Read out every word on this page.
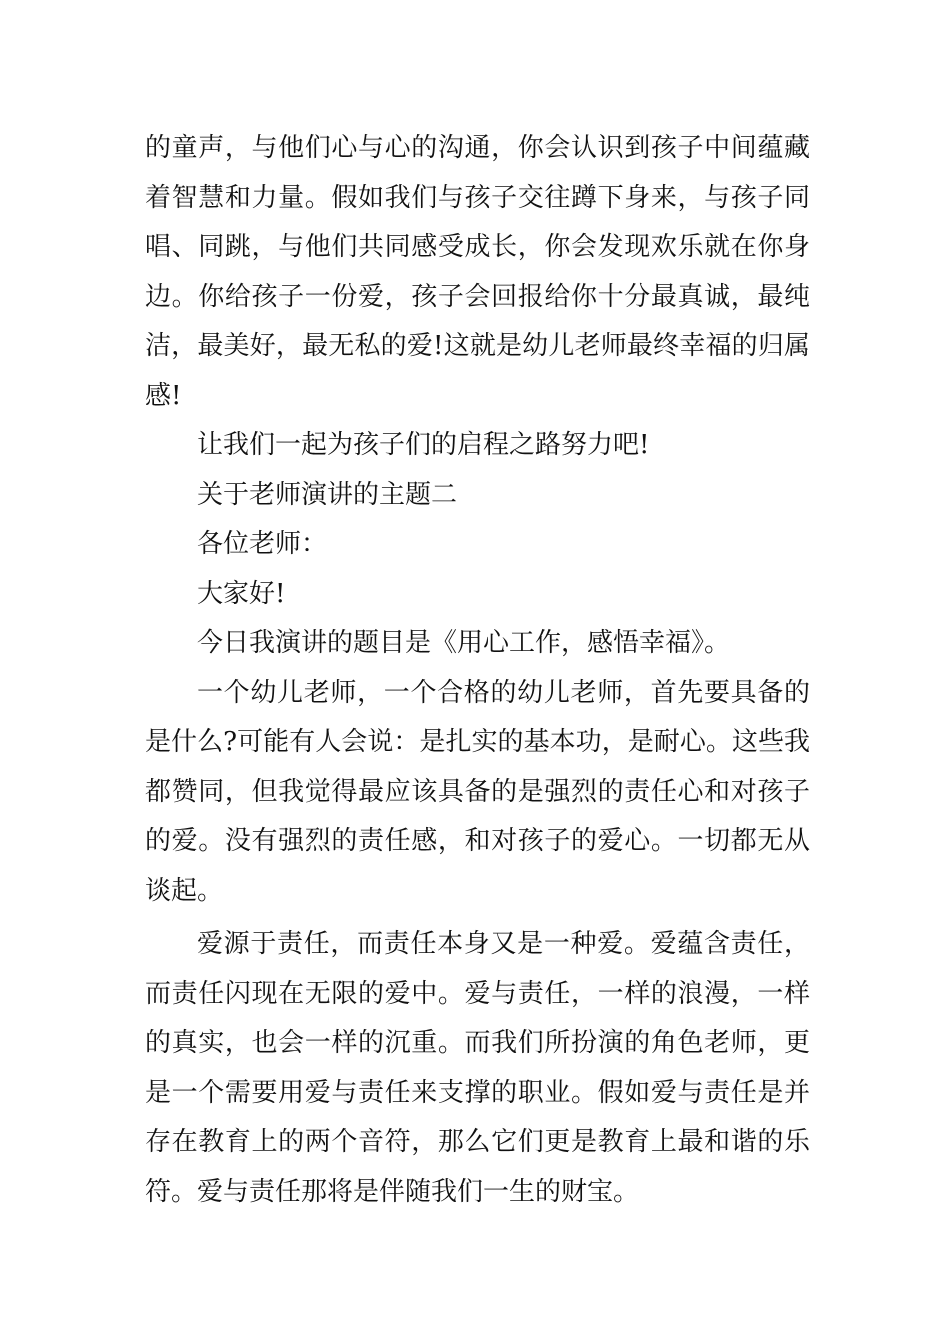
的童声，与他们心与心的沟通，你会认识到孩子中间蕴藏着智慧和力量。假如我们与孩子交往蹲下身来，与孩子同唱、同跳，与他们共同感受成长，你会发现欢乐就在你身边。你给孩子一份爱，孩子会回报给你十分最真诚，最纯洁，最美好，最无私的爱!这就是幼儿老师最终幸福的归属感!

让我们一起为孩子们的启程之路努力吧!

关于老师演讲的主题二

各位老师：

大家好!

今日我演讲的题目是《用心工作，感悟幸福》。

一个幼儿老师，一个合格的幼儿老师，首先要具备的是什么?可能有人会说：是扎实的基本功，是耐心。这些我都赞同，但我觉得最应该具备的是强烈的责任心和对孩子的爱。没有强烈的责任感，和对孩子的爱心。一切都无从谈起。

爱源于责任，而责任本身又是一种爱。爱蕴含责任，而责任闪现在无限的爱中。爱与责任，一样的浪漫，一样的真实，也会一样的沉重。而我们所扮演的角色老师，更是一个需要用爱与责任来支撑的职业。假如爱与责任是并存在教育上的两个音符，那么它们更是教育上最和谐的乐符。爱与责任那将是伴随我们一生的财宝。
